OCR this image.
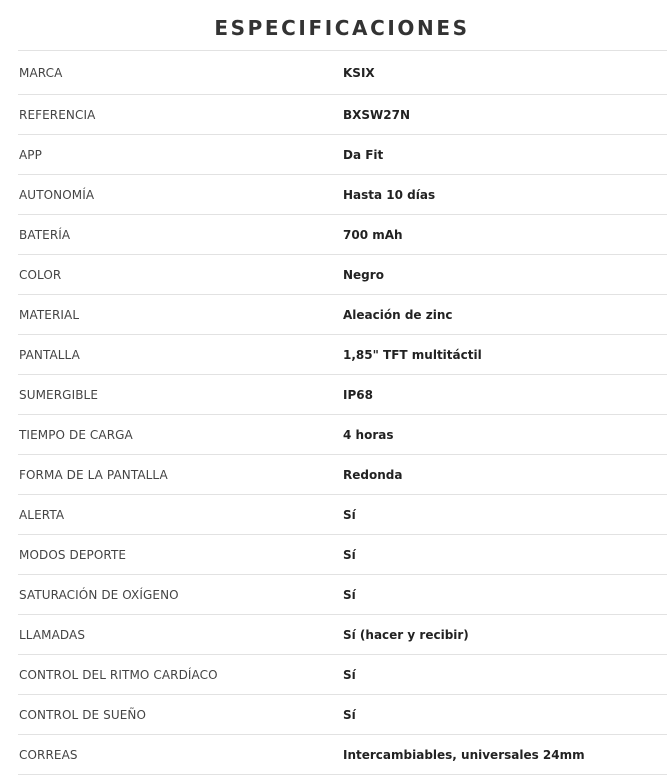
ESPECIFICACIONES
MARCA	KSIX
REFERENCIA	BXSW27N
APP	Da Fit
AUTONOMÍA	Hasta 10 días
BATERÍA	700 mAh
COLOR	Negro
MATERIAL	Aleación de zinc
PANTALLA	1,85" TFT multitáctil
SUMERGIBLE	IP68
TIEMPO DE CARGA	4 horas
FORMA DE LA PANTALLA	Redonda
ALERTA	Sí
MODOS DEPORTE	Sí
SATURACIÓN DE OXÍGENO	Sí
LLAMADAS	Sí (hacer y recibir)
CONTROL DEL RITMO CARDÍACO	Sí
CONTROL DE SUEÑO	Sí
CORREAS	Intercambiables, universales 24mm
